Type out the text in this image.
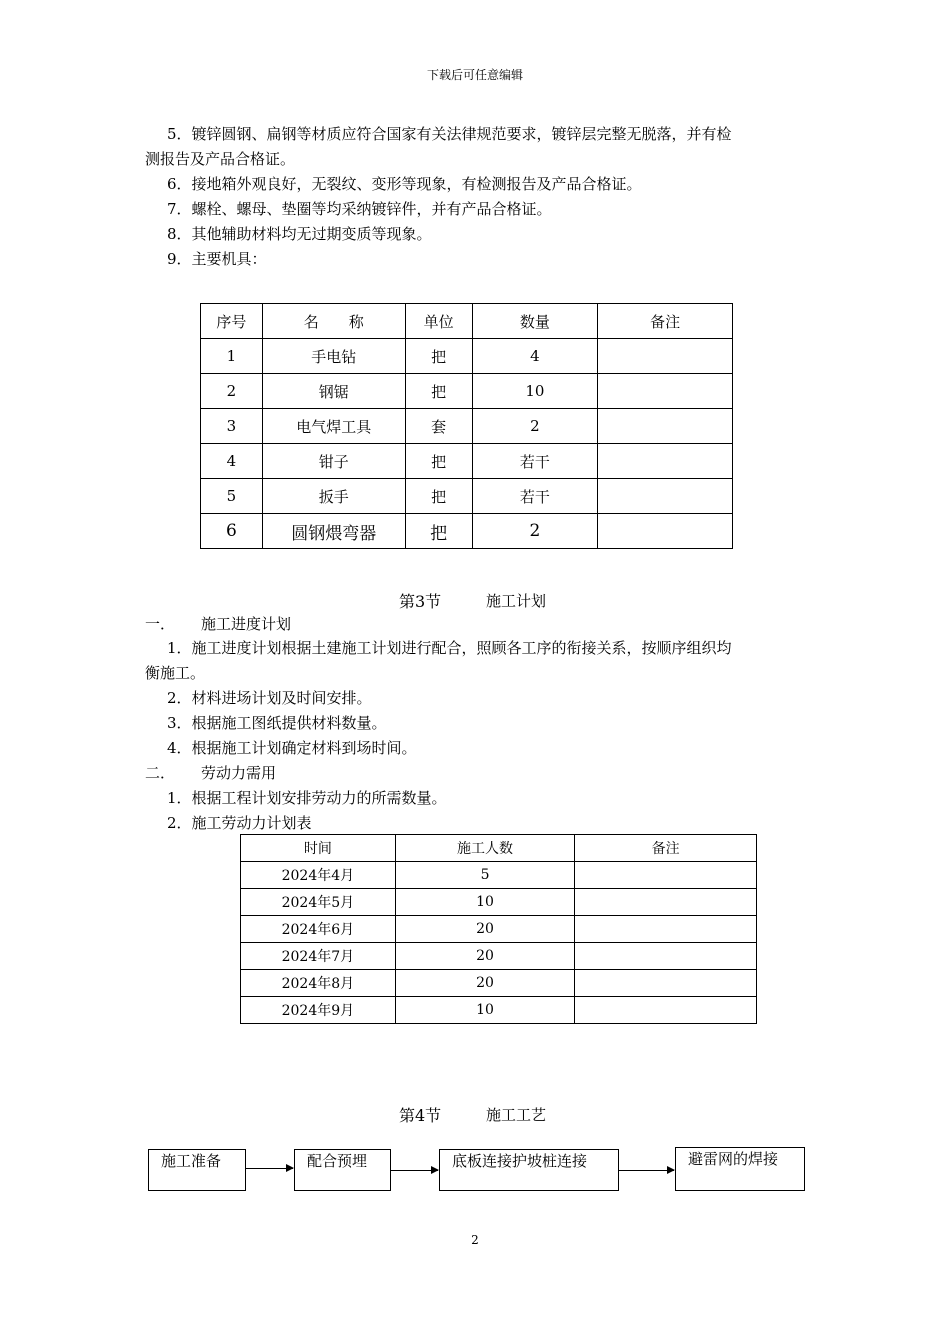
下载后可任意编辑
5．镀锌圆钢、扁钢等材质应符合国家有关法律规范要求，镀锌层完整无脱落，并有检
测报告及产品合格证。
6．接地箱外观良好，无裂纹、变形等现象，有检测报告及产品合格证。
7．螺栓、螺母、垫圈等均采纳镀锌件，并有产品合格证。
8．其他辅助材料均无过期变质等现象。
9．主要机具：
序号	名　　称	单位	数量	备注
1	手电钻	把	4	
2	钢锯	把	10	
3	电气焊工具	套	2	
4	钳子	把	若干	
5	扳手	把	若干	
6	圆钢煨弯器	把	2	
第3节	施工计划
一． 施工进度计划
1．施工进度计划根据土建施工计划进行配合，照顾各工序的衔接关系，按顺序组织均
衡施工。
2．材料进场计划及时间安排。
3．根据施工图纸提供材料数量。
4．根据施工计划确定材料到场时间。
二． 劳动力需用
1．根据工程计划安排劳动力的所需数量。
2．施工劳动力计划表
时间	施工人数	备注
2024年4月	5	
2024年5月	10	
2024年6月	20	
2024年7月	20	
2024年8月	20	
2024年9月	10	
第4节	施工工艺
施工准备	配合预埋	底板连接护坡桩连接	避雷网的焊接
2
